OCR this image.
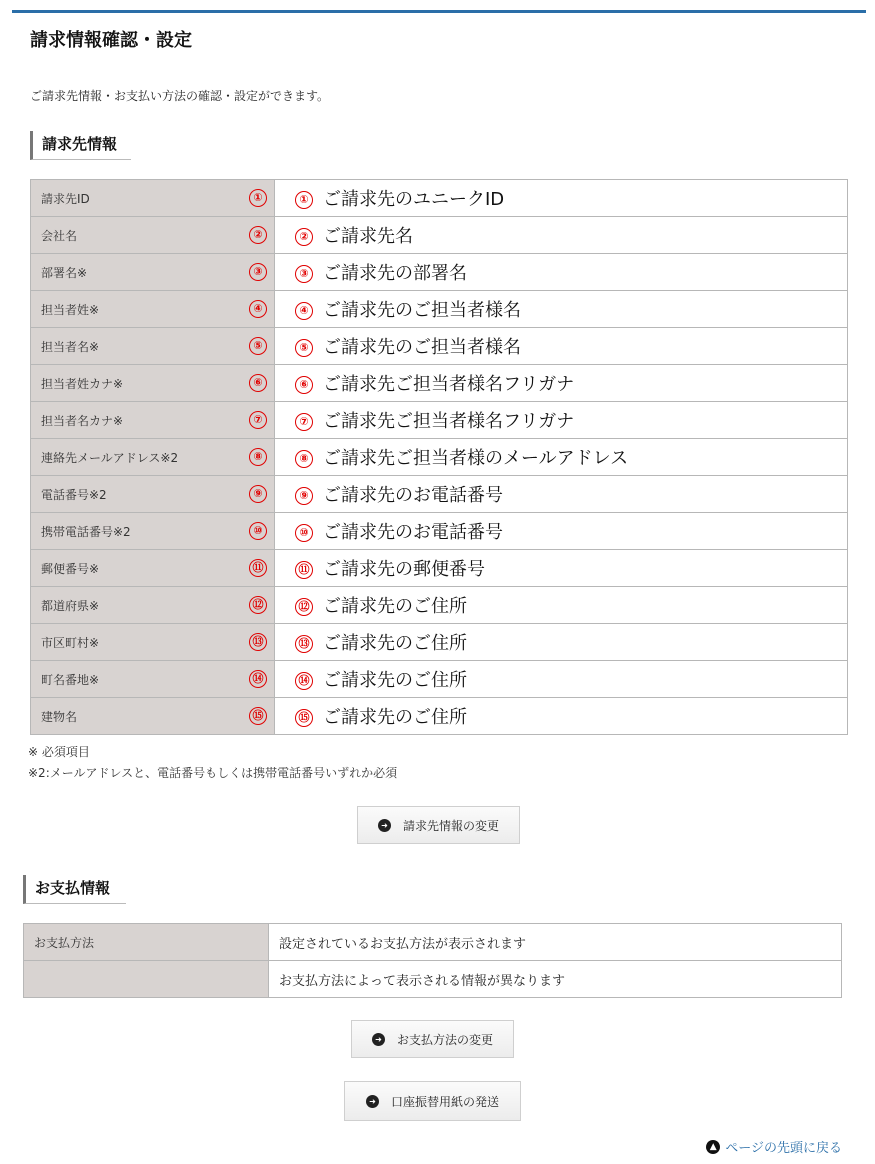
請求情報確認・設定

ご請求先情報・お支払い方法の確認・設定ができます。

請求先情報
請求先ID ①	① ご請求先のユニークID
会社名 ②	② ご請求先名
部署名※ ③	③ ご請求先の部署名
担当者姓※ ④	④ ご請求先のご担当者様名
担当者名※ ⑤	⑤ ご請求先のご担当者様名
担当者姓カナ※ ⑥	⑥ ご請求先ご担当者様名フリガナ
担当者名カナ※ ⑦	⑦ ご請求先ご担当者様名フリガナ
連絡先メールアドレス※2 ⑧	⑧ ご請求先ご担当者様のメールアドレス
電話番号※2 ⑨	⑨ ご請求先のお電話番号
携帯電話番号※2 ⑩	⑩ ご請求先のお電話番号
郵便番号※ ⑪	⑪ ご請求先の郵便番号
都道府県※ ⑫	⑫ ご請求先のご住所
市区町村※ ⑬	⑬ ご請求先のご住所
町名番地※ ⑭	⑭ ご請求先のご住所
建物名 ⑮	⑮ ご請求先のご住所
※ 必須項目
※2:メールアドレスと、電話番号もしくは携帯電話番号いずれか必須
➜ 請求先情報の変更
お支払情報
お支払方法	設定されているお支払方法が表示されます
	お支払方法によって表示される情報が異なります
➜ お支払方法の変更
➜ 口座振替用紙の発送
▲ ページの先頭に戻る
